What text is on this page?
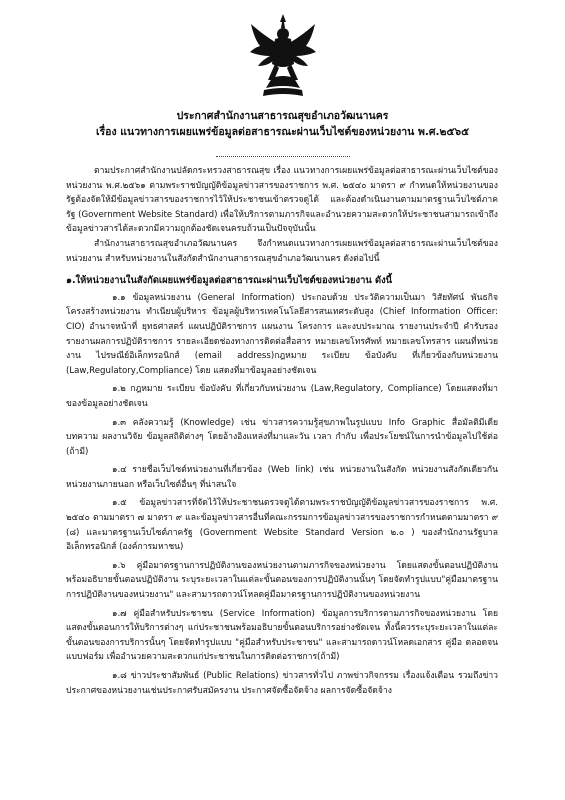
ประกาศสำนักงานสาธารณสุขอำเภอวัฒนานคร
เรื่อง แนวทางการเผยแพร่ข้อมูลต่อสาธารณะผ่านเว็บไซต์ของหน่วยงาน พ.ศ.๒๕๖๕

ตามประกาศสำนักงานปลัดกระทรวงสาธารณสุข เรื่อง แนวทางการเผยแพร่ข้อมูลต่อสาธารณะผ่านเว็บไซต์ของหน่วยงาน พ.ศ.๒๕๖๑ ตามพระราชบัญญัติข้อมูลข่าวสารของราชการ พ.ศ. ๒๕๔๐ มาตรา ๙ กำหนดให้หน่วยงานของรัฐต้องจัดให้มีข้อมูลข่าวสารของราชการไว้ให้ประชาชนเข้าตรวจดูได้ และต้องดำเนินงานตามมาตรฐานเว็บไซต์ภาครัฐ (Government Website Standard) เพื่อให้บริการตามภารกิจและอำนวยความสะดวกให้ประชาชนสามารถเข้าถึงข้อมูลข่าวสารได้สะดวกมีความถูกต้องชัดเจนครบถ้วนเป็นปัจจุบันนั้น

สำนักงานสาธารณสุขอำเภอวัฒนานคร จึงกำหนดแนวทางการเผยแพร่ข้อมูลต่อสาธารณะผ่านเว็บไซต์ของหน่วยงาน สำหรับหน่วยงานในสังกัดสำนักงานสาธารณสุขอำเภอวัฒนานคร ดังต่อไปนี้

๑.ให้หน่วยงานในสังกัดเผยแพร่ข้อมูลต่อสาธารณะผ่านเว็บไซต์ของหน่วยงาน ดังนี้

๑.๑ ข้อมูลหน่วยงาน (General Information) ประกอบด้วย ประวัติความเป็นมา วิสัยทัศน์ พันธกิจ โครงสร้างหน่วยงาน ทำเนียบผู้บริหาร ข้อมูลผู้บริหารเทคโนโลยีสารสนเทศระดับสูง (Chief Information Officer: CIO) อำนาจหน้าที่ ยุทธศาสตร์ แผนปฏิบัติราชการ แผนงาน โครงการ และงบประมาณ รายงานประจำปี คำรับรอง รายงานผลการปฏิบัติราชการ รายละเอียดช่องทางการติดต่อสื่อสาร หมายเลขโทรศัพท์ หมายเลขโทรสาร แผนที่หน่วยงาน ไปรษณีย์อิเล็กทรอนิกส์ (email address)กฎหมาย ระเบียบ ข้อบังคับ ที่เกี่ยวข้องกับหน่วยงาน (Law,Regulatory,Compliance) โดย แสดงที่มาข้อมูลอย่างชัดเจน

๑.๒ กฎหมาย ระเบียบ ข้อบังคับ ที่เกี่ยวกับหน่วยงาน (Law,Regulatory, Compliance) โดยแสดงที่มาของข้อมูลอย่างชัดเจน

๑.๓ คลังความรู้ (Knowledge) เช่น ข่าวสารความรู้สุขภาพในรูปแบบ Info Graphic สื่อมัลติมีเดีย บทความ ผลงานวิจัย ข้อมูลสถิติต่างๆ โดยอ้างอิงแหล่งที่มาและวัน เวลา กำกับ เพื่อประโยชน์ในการนำข้อมูลไปใช้ต่อ (ถ้ามี)

๑.๔ รายชื่อเว็บไซต์หน่วยงานที่เกี่ยวข้อง (Web link) เช่น หน่วยงานในสังกัด หน่วยงานสังกัดเดียวกัน หน่วยงานภายนอก หรือเว็บไซต์อื่นๆ ที่น่าสนใจ

๑.๕ ข้อมูลข่าวสารที่จัดไว้ให้ประชาชนตรวจดูได้ตามพระราชบัญญัติข้อมูลข่าวสารของราชการ พ.ศ. ๒๕๔๐ ตามมาตรา ๗ มาตรา ๙ และข้อมูลข่าวสารอื่นที่คณะกรรมการข้อมูลข่าวสารของราชการกำหนดตามมาตรา ๙ (๘) และมาตรฐานเว็บไซต์ภาครัฐ (Government Website Standard Version ๒.๐ ) ของสำนักงานรัฐบาลอิเล็กทรอนิกส์ (องค์การมหาชน)

๑.๖ คู่มือมาตรฐานการปฏิบัติงานของหน่วยงานตามภารกิจของหน่วยงาน โดยแสดงขั้นตอนปฏิบัติงานพร้อมอธิบายขั้นตอนปฏิบัติงาน ระบุระยะเวลาในแต่ละขั้นตอนของการปฏิบัติงานนั้นๆ โดยจัดทำรูปแบบ"คู่มือมาตรฐานการปฏิบัติงานของหน่วยงาน" และสามารถดาวน์โหลดคู่มือมาตรฐานการปฏิบัติงานของหน่วยงาน

๑.๗ คู่มือสำหรับประชาชน (Service Information) ข้อมูลการบริการตามภารกิจของหน่วยงาน โดยแสดงขั้นตอนการให้บริการต่างๆ แก่ประชาชนพร้อมอธิบายขั้นตอนบริการอย่างชัดเจน ทั้งนี้ควรระบุระยะเวลาในแต่ละขั้นตอนของการบริการนั้นๆ โดยจัดทำรูปแบบ "คู่มือสำหรับประชาชน" และสามารถดาวน์โหลดเอกสาร คู่มือ ตลอดจนแบบฟอร์ม เพื่ออำนวยความสะดวกแก่ประชาชนในการติดต่อราชการ(ถ้ามี)

๑.๘ ข่าวประชาสัมพันธ์ (Public Relations) ข่าวสารทั่วไป ภาพข่าวกิจกรรม เรื่องแจ้งเตือน รวมถึงข่าวประกาศของหน่วยงานเช่นประกาศรับสมัครงาน ประกาศจัดซื้อจัดจ้าง ผลการจัดซื้อจัดจ้าง
